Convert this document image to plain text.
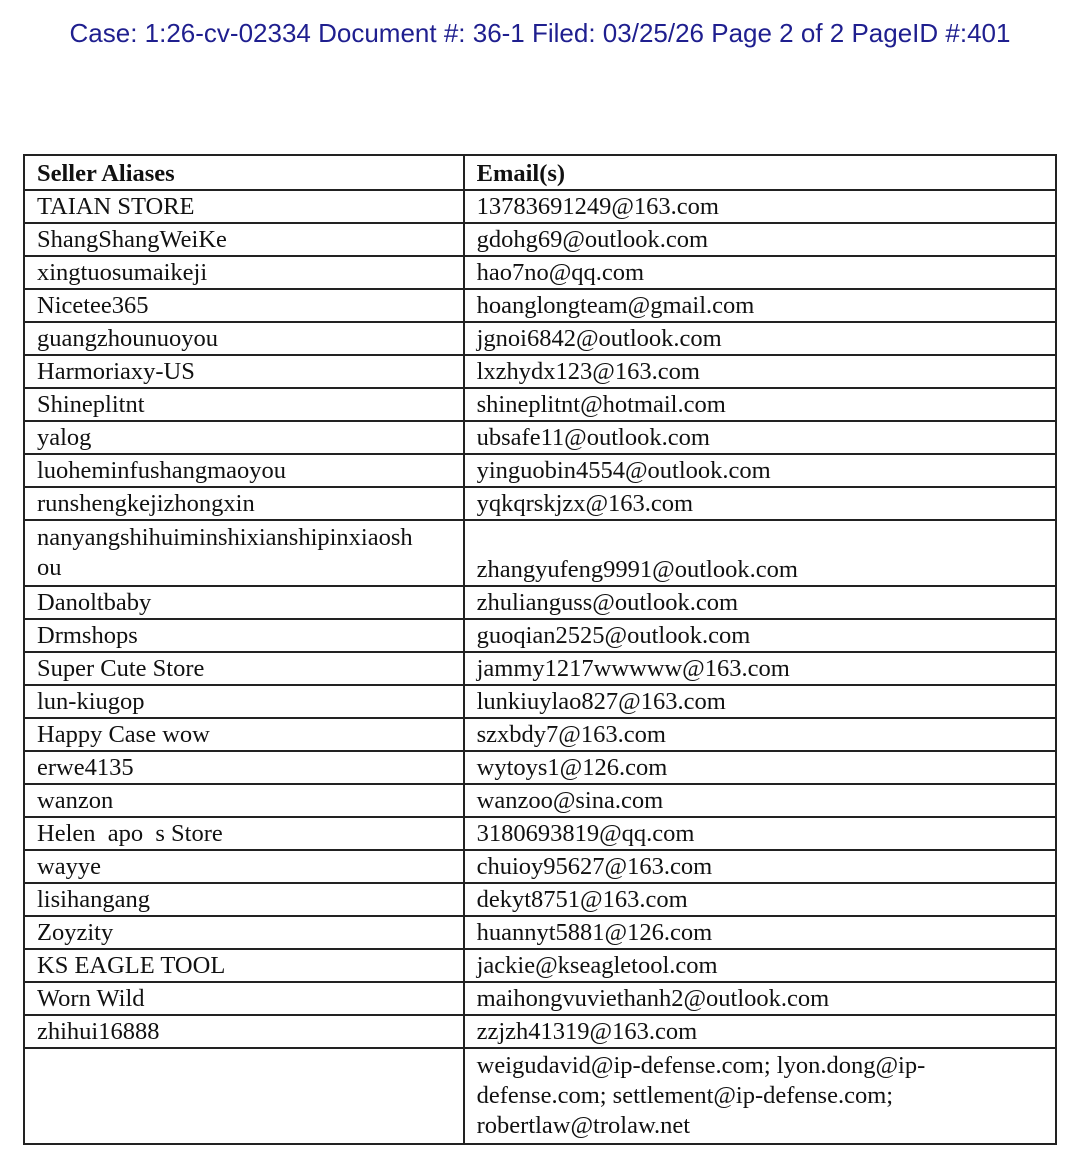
Case: 1:26-cv-02334 Document #: 36-1 Filed: 03/25/26 Page 2 of 2 PageID #:401
Seller Aliases	Email(s)
TAIAN STORE	13783691249@163.com
ShangShangWeiKe	gdohg69@outlook.com
xingtuosumaikeji	hao7no@qq.com
Nicetee365	hoanglongteam@gmail.com
guangzhounuoyou	jgnoi6842@outlook.com
Harmoriaxy-US	lxzhydx123@163.com
Shineplitnt	shineplitnt@hotmail.com
yalog	ubsafe11@outlook.com
luoheminfushangmaoyou	yinguobin4554@outlook.com
runshengkejizhongxin	yqkqrskjzx@163.com

nanyangshihuiminshixianshipinxiaosh
ou	zhangyufeng9991@outlook.com
Danoltbaby	zhulianguss@outlook.com
Drmshops	guoqian2525@outlook.com
Super Cute Store	jammy1217wwwww@163.com
lun-kiugop	lunkiuylao827@163.com
Happy Case wow	szxbdy7@163.com
erwe4135	wytoys1@126.com
wanzon	wanzoo@sina.com
Helen  apo  s Store	3180693819@qq.com
wayye	chuioy95627@163.com
lisihangang	dekyt8751@163.com
Zoyzity	huannyt5881@126.com
KS EAGLE TOOL	jackie@kseagletool.com
Worn Wild	maihongvuviethanh2@outlook.com
zhihui16888	zzjzh41319@163.com

	weigudavid@ip-defense.com; lyon.dong@ip-
defense.com; settlement@ip-defense.com;
robertlaw@trolaw.net
